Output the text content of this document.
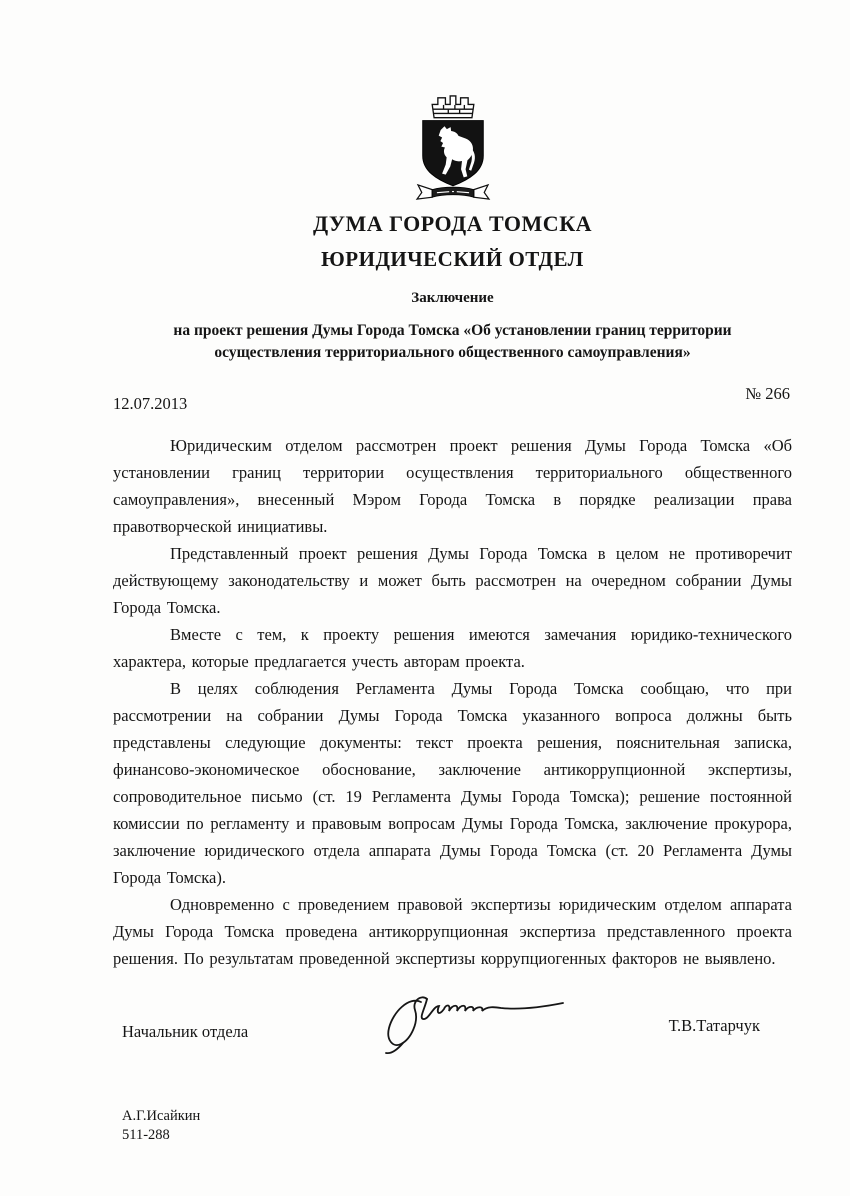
ДУМА ГОРОДА ТОМСКА
ЮРИДИЧЕСКИЙ ОТДЕЛ
Заключение
на проект решения Думы Города Томска «Об установлении границ территории
осуществления территориального общественного самоуправления»
№ 266
12.07.2013

Юридическим отделом рассмотрен проект решения Думы Города Томска «Об установлении границ территории осуществления территориального общественного самоуправления», внесенный Мэром Города Томска в порядке реализации права правотворческой инициативы.

Представленный проект решения Думы Города Томска в целом не противоречит действующему законодательству и может быть рассмотрен на очередном собрании Думы Города Томска.

Вместе с тем, к проекту решения имеются замечания юридико-технического характера, которые предлагается учесть авторам проекта.

В целях соблюдения Регламента Думы Города Томска сообщаю, что при рассмотрении на собрании Думы Города Томска указанного вопроса должны быть представлены следующие документы: текст проекта решения, пояснительная записка, финансово-экономическое обоснование, заключение антикоррупционной экспертизы, сопроводительное письмо (ст. 19 Регламента Думы Города Томска); решение постоянной комиссии по регламенту и правовым вопросам Думы Города Томска, заключение прокурора, заключение юридического отдела аппарата Думы Города Томска (ст. 20 Регламента Думы Города Томска).

Одновременно с проведением правовой экспертизы юридическим отделом аппарата Думы Города Томска проведена антикоррупционная экспертиза представленного проекта решения. По результатам проведенной экспертизы коррупциогенных факторов не выявлено.

Начальник отдела	Т.В.Татарчук
А.Г.Исайкин
511-288
